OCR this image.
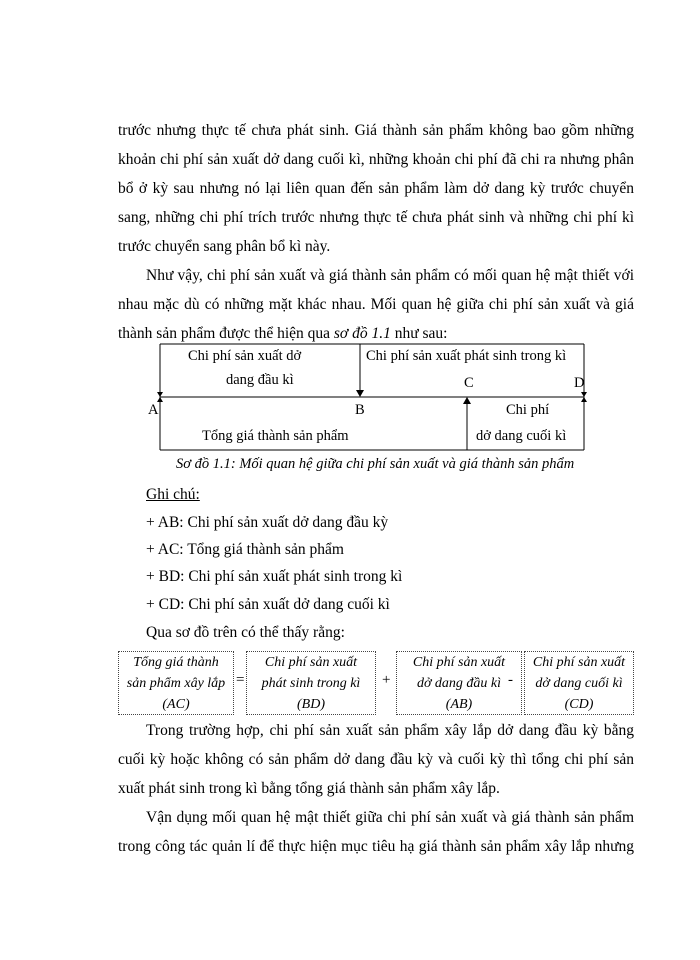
trước nhưng thực tế chưa phát sinh. Giá thành sản phẩm không bao gồm những khoản chi phí sản xuất dở dang cuối kì, những khoản chi phí đã chi ra nhưng phân bổ ở kỳ sau nhưng nó lại liên quan đến sản phẩm làm dở dang kỳ trước chuyển sang, những chi phí trích trước nhưng thực tế chưa phát sinh và những chi phí kì trước chuyển sang phân bổ kì này.

Như vậy, chi phí sản xuất và giá thành sản phẩm có mối quan hệ mật thiết với nhau mặc dù có những mặt khác nhau. Mối quan hệ giữa chi phí sản xuất và giá thành sản phẩm được thể hiện qua sơ đồ 1.1 như sau:

Chi phí sản xuất dở
dang đầu kì
Chi phí sản xuất phát sinh trong kì
A	B
C	D
Tổng giá thành sản phẩm
Chi phí
dở dang cuối kì
Sơ đồ 1.1: Mối quan hệ giữa chi phí sản xuất và giá thành sản phẩm
Ghi chú:
+ AB: Chi phí sản xuất dở dang đầu kỳ
+ AC: Tổng giá thành sản phẩm
+ BD: Chi phí sản xuất phát sinh trong kì
+ CD: Chi phí sản xuất dở dang cuối kì
Qua sơ đồ trên có thể thấy rằng:
Tổng giá thành
sản phẩm xây lắp
(AC)
=
Chi phí sản xuất
phát sinh trong kì
(BD)
+
Chi phí sản xuất
dở dang đầu kì
(AB)
-
Chi phí sản xuất
dở dang cuối kì
(CD)

Trong trường hợp, chi phí sản xuất sản phẩm xây lắp dở dang đầu kỳ bằng cuối kỳ hoặc không có sản phẩm dở dang đầu kỳ và cuối kỳ thì tổng chi phí sản xuất phát sinh trong kì bằng tổng giá thành sản phẩm xây lắp.

Vận dụng mối quan hệ mật thiết giữa chi phí sản xuất và giá thành sản phẩm trong công tác quản lí để thực hiện mục tiêu hạ giá thành sản phẩm xây lắp nhưng
